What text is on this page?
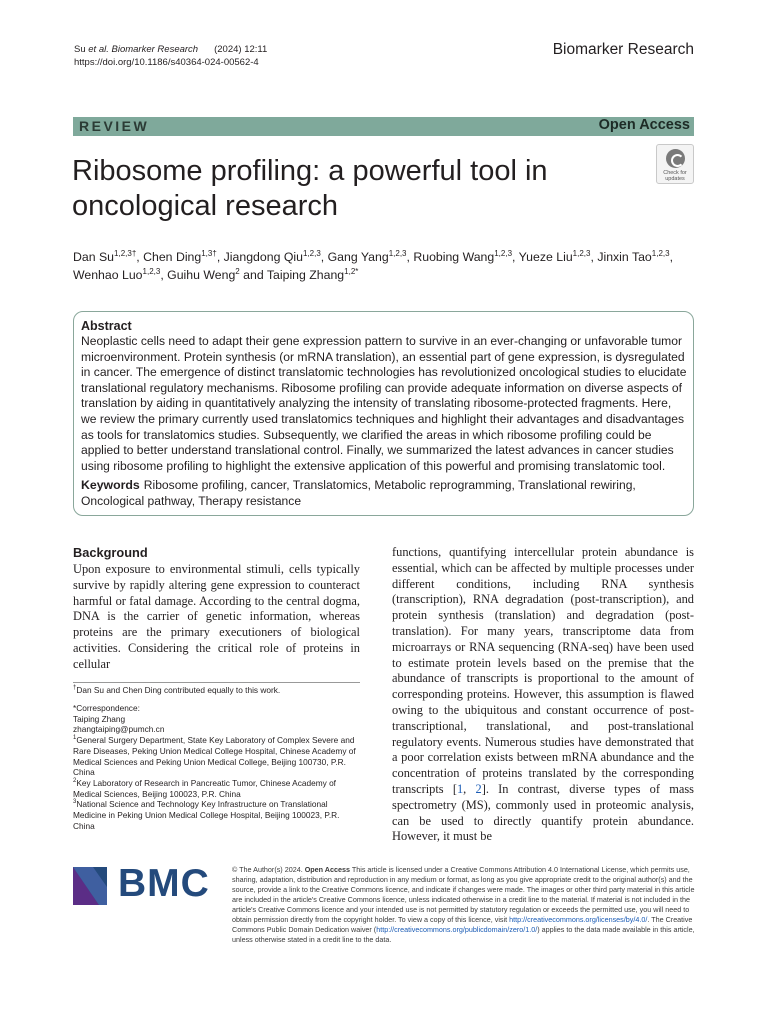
Su et al. Biomarker Research (2024) 12:11
https://doi.org/10.1186/s40364-024-00562-4
Biomarker Research
REVIEW	Open Access
Ribosome profiling: a powerful tool in oncological research
Check for updates
Dan $Su^{1,2,3\dagger}$, Chen Ding$^{1,3\dagger}$, Jiangdong Qiu$^{1,2,3}$, Gang Yang$^{1,2,3}$, Ruobing Wang$^{1,2,3}$, Yueze Liu$^{1,2,3}$, Jinxin Tao$^{1,2,3}$, Wenhao Luo$^{1,2,3}$, Guihu Weng$^2$ and Taiping Zhang$^{1,2*}$
Abstract
Neoplastic cells need to adapt their gene expression pattern to survive in an ever-changing or unfavorable tumor microenvironment. Protein synthesis (or mRNA translation), an essential part of gene expression, is dysregulated in cancer. The emergence of distinct translatomic technologies has revolutionized oncological studies to elucidate translational regulatory mechanisms. Ribosome profiling can provide adequate information on diverse aspects of translation by aiding in quantitatively analyzing the intensity of translating ribosome-protected fragments. Here, we review the primary currently used translatomics techniques and highlight their advantages and disadvantages as tools for translatomics studies. Subsequently, we clarified the areas in which ribosome profiling could be applied to better understand translational control. Finally, we summarized the latest advances in cancer studies using ribosome profiling to highlight the extensive application of this powerful and promising translatomic tool.
Keywords Ribosome profiling, cancer, Translatomics, Metabolic reprogramming, Translational rewiring, Oncological pathway, Therapy resistance
Background
Upon exposure to environmental stimuli, cells typically survive by rapidly altering gene expression to counteract harmful or fatal damage. According to the central dogma, DNA is the carrier of genetic information, whereas proteins are the primary executioners of biological activities. Considering the critical role of proteins in cellular
functions, quantifying intercellular protein abundance is essential, which can be affected by multiple processes under different conditions, including RNA synthesis (transcription), RNA degradation (post-transcription), and protein synthesis (translation) and degradation (post-translation). For many years, transcriptome data from microarrays or RNA sequencing (RNA-seq) have been used to estimate protein levels based on the premise that the abundance of transcripts is proportional to the amount of corresponding proteins. However, this assumption is flawed owing to the ubiquitous and constant occurrence of post-transcriptional, translational, and post-translational regulatory events. Numerous studies have demonstrated that a poor correlation exists between mRNA abundance and the concentration of proteins translated by the corresponding transcripts [1, 2]. In contrast, diverse types of mass spectrometry (MS), commonly used in proteomic analysis, can be used to directly quantify protein abundance. However, it must be
†Dan Su and Chen Ding contributed equally to this work.
*Correspondence:
Taiping Zhang
zhangtaiping@pumch.cn
$^1$General Surgery Department, State Key Laboratory of Complex Severe and Rare Diseases, Peking Union Medical College Hospital, Chinese Academy of Medical Sciences and Peking Union Medical College, Beijing 100730, P.R. China
$^2$Key Laboratory of Research in Pancreatic Tumor, Chinese Academy of Medical Sciences, Beijing 100023, P.R. China
$^3$National Science and Technology Key Infrastructure on Translational Medicine in Peking Union Medical College Hospital, Beijing 100023, P.R. China
BMC	© The Author(s) 2024. Open Access This article is licensed under a Creative Commons Attribution 4.0 International License, which permits use, sharing, adaptation, distribution and reproduction in any medium or format, as long as you give appropriate credit to the original author(s) and the source, provide a link to the Creative Commons licence, and indicate if changes were made. The images or other third party material in this article are included in the article's Creative Commons licence, unless indicated otherwise in a credit line to the material. If material is not included in the article's Creative Commons licence and your intended use is not permitted by statutory regulation or exceeds the permitted use, you will need to obtain permission directly from the copyright holder. To view a copy of this licence, visit http://creativecommons.org/licenses/by/4.0/. The Creative Commons Public Domain Dedication waiver (http://creativecommons.org/publicdomain/zero/1.0/) applies to the data made available in this article, unless otherwise stated in a credit line to the data.
